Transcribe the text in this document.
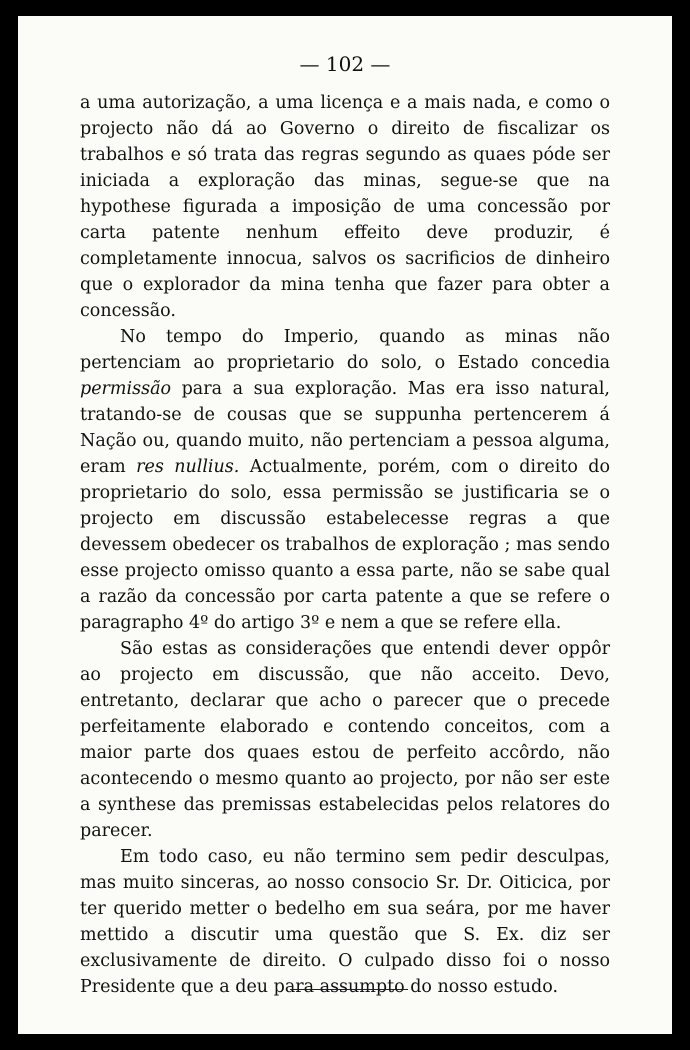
— 102 —

a uma autorização, a uma licença e a mais nada, e como o projecto não dá ao Governo o direito de fiscalizar os trabalhos e só trata das regras segundo as quaes póde ser iniciada a exploração das minas, segue-se que na hypothese figurada a imposição de uma concessão por carta patente nenhum effeito deve produzir, é completamente innocua, salvos os sacrificios de dinheiro que o explorador da mina tenha que fazer para obter a concessão.

No tempo do Imperio, quando as minas não pertenciam ao proprietario do solo, o Estado concedia permissão para a sua exploração. Mas era isso natural, tratando-se de cousas que se suppunha pertencerem á Nação ou, quando muito, não pertenciam a pessoa alguma, eram res nullius. Actualmente, porém, com o direito do proprietario do solo, essa permissão se justificaria se o projecto em discussão estabelecesse regras a que devessem obedecer os trabalhos de exploração ; mas sendo esse projecto omisso quanto a essa parte, não se sabe qual a razão da concessão por carta patente a que se refere o paragrapho 4º do artigo 3º e nem a que se refere ella.

São estas as considerações que entendi dever oppôr ao projecto em discussão, que não acceito. Devo, entretanto, declarar que acho o parecer que o precede perfeitamente elaborado e contendo conceitos, com a maior parte dos quaes estou de perfeito accôrdo, não acontecendo o mesmo quanto ao projecto, por não ser este a synthese das premissas estabelecidas pelos relatores do parecer.

Em todo caso, eu não termino sem pedir desculpas, mas muito sinceras, ao nosso consocio Sr. Dr. Oiticica, por ter querido metter o bedelho em sua seára, por me haver mettido a discutir uma questão que S. Ex. diz ser exclusivamente de direito. O culpado disso foi o nosso Presidente que a deu para assumpto do nosso estudo.
